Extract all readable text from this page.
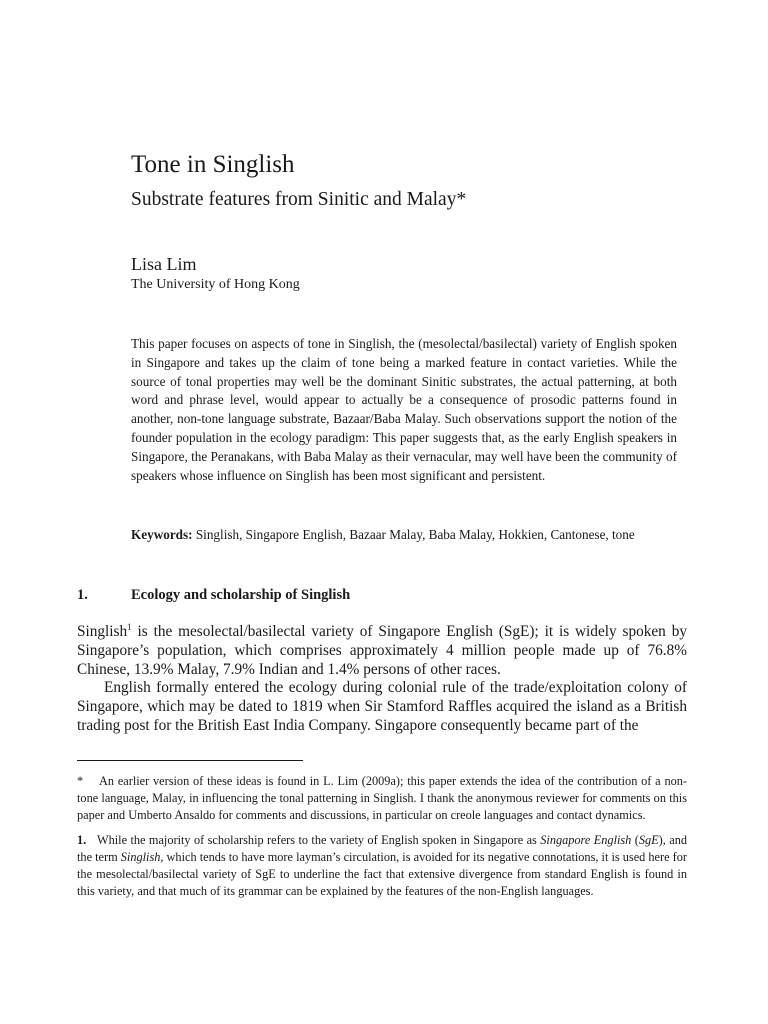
Tone in Singlish
Substrate features from Sinitic and Malay*
Lisa Lim
The University of Hong Kong

This paper focuses on aspects of tone in Singlish, the (mesolectal/basilectal) variety of English spoken in Singapore and takes up the claim of tone being a marked feature in contact varieties. While the source of tonal properties may well be the dominant Sinitic substrates, the actual patterning, at both word and phrase level, would appear to actually be a consequence of prosodic patterns found in another, non-tone language substrate, Bazaar/Baba Malay. Such observations support the notion of the founder population in the ecology paradigm: This paper suggests that, as the early English speakers in Singapore, the Peranakans, with Baba Malay as their vernacular, may well have been the community of speakers whose influence on Singlish has been most significant and persistent.

Keywords: Singlish, Singapore English, Bazaar Malay, Baba Malay, Hokkien, Cantonese, tone
1.	Ecology and scholarship of Singlish

Singlish$^1$ is the mesolectal/basilectal variety of Singapore English (SgE); it is widely spoken by Singapore’s population, which comprises approximately 4 million people made up of 76.8% Chinese, 13.9% Malay, 7.9% Indian and 1.4% persons of other races.

English formally entered the ecology during colonial rule of the trade/exploitation colony of Singapore, which may be dated to 1819 when Sir Stamford Raffles acquired the island as a British trading post for the British East India Company. Singapore consequently became part of the

* An earlier version of these ideas is found in L. Lim (2009a); this paper extends the idea of the contribution of a non-tone language, Malay, in influencing the tonal patterning in Singlish. I thank the anonymous reviewer for comments on this paper and Umberto Ansaldo for comments and discussions, in particular on creole languages and contact dynamics.

1. While the majority of scholarship refers to the variety of English spoken in Singapore as Singapore English (SgE), and the term Singlish, which tends to have more layman’s circulation, is avoided for its negative connotations, it is used here for the mesolectal/basilectal variety of SgE to underline the fact that extensive divergence from standard English is found in this variety, and that much of its grammar can be explained by the features of the non-English languages.
